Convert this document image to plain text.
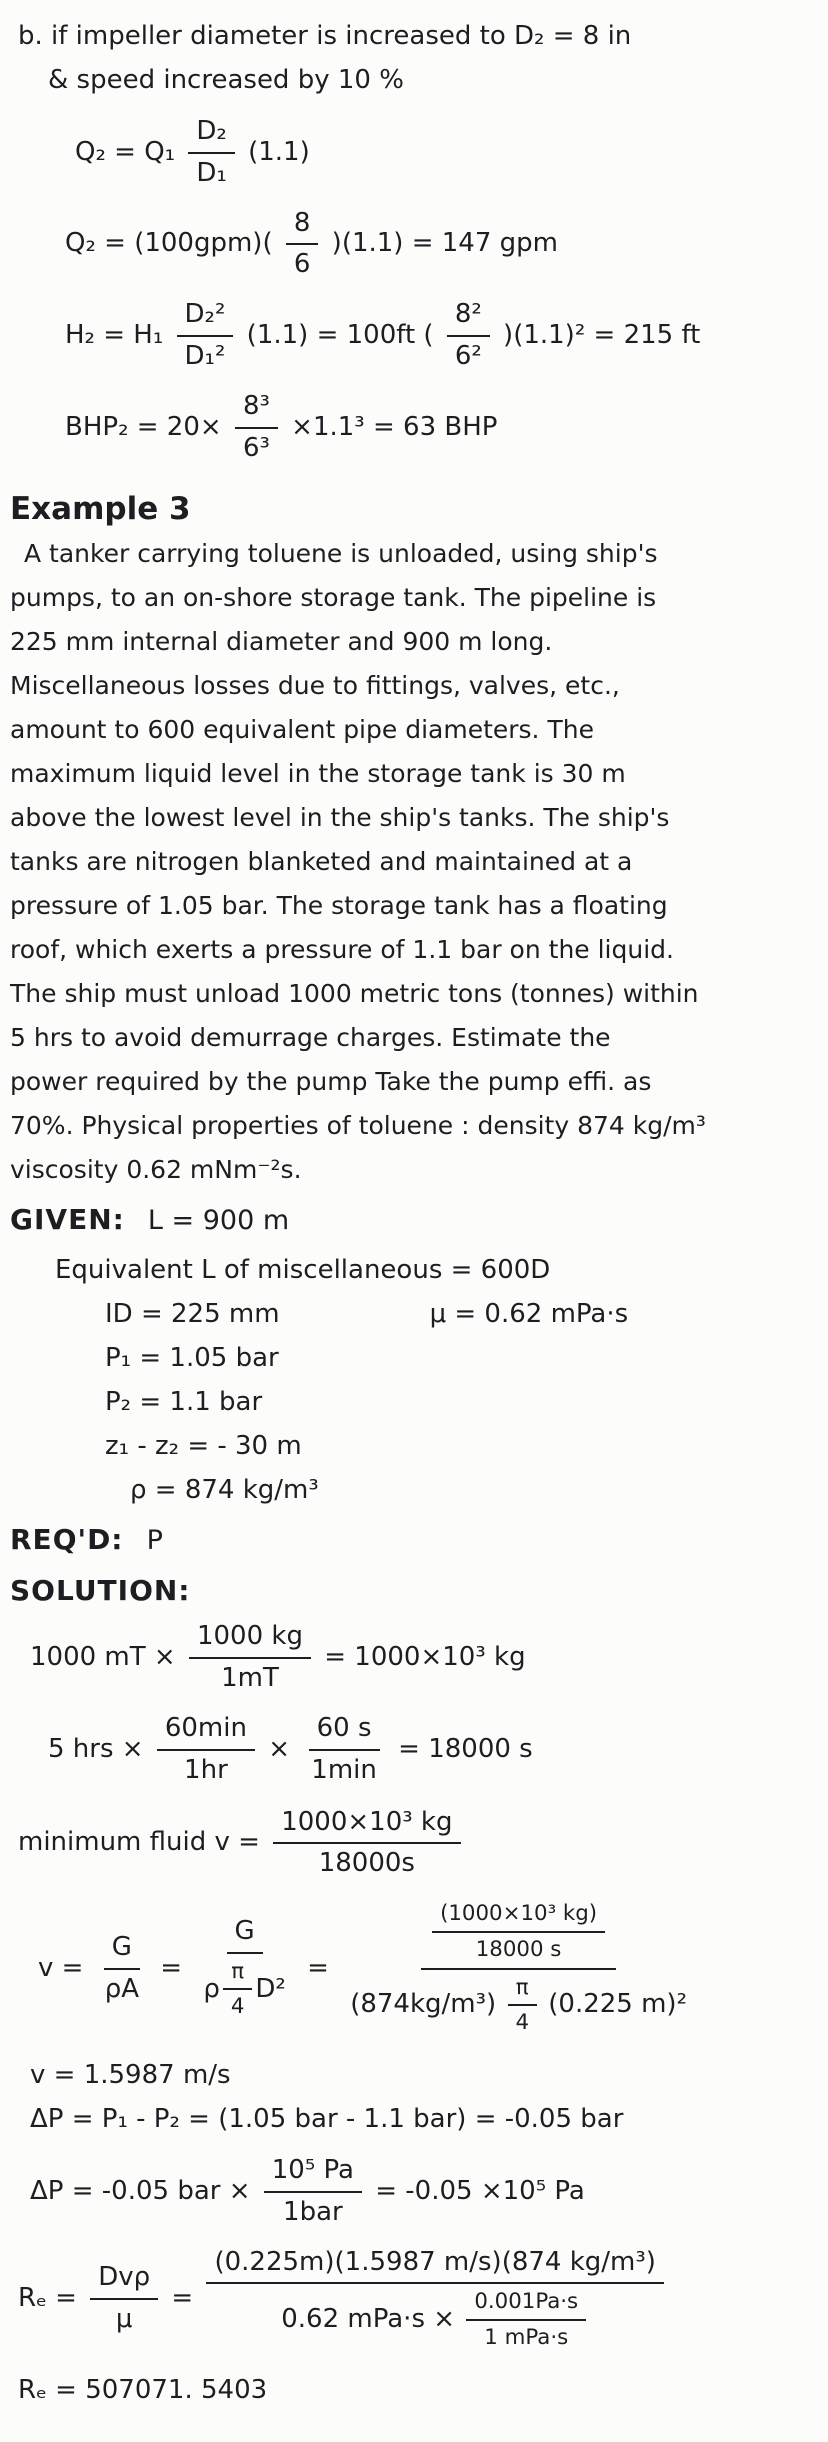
b. if impeller diameter is increased to D₂ = 8 in
& speed increased by 10 %
$Q_2 = Q_1 \frac{\text{D₂}}{\text{D₁}} (1.1)$
$Q_2 = (100gpm)( \frac{8}{6} )(1.1) = 147$ gpm
$H_2 = H_1 \frac{\text{D₂²}}{\text{D₁²}} (1.1) = 100ft$ ( $\frac{\text{8²}}{\text{6²}} )(1.1)^2 = 215$ ft
$BHP_2 = 20\times \frac{\text{8³}}{\text{6³}} \times 1.1^3 = 63$ BHP
Example 3
A tanker carrying toluene is unloaded, using ship's
pumps, to an on-shore storage tank. The pipeline is
225 mm internal diameter and 900 m long.
Miscellaneous losses due to fittings, valves, etc.,
amount to 600 equivalent pipe diameters. The
maximum liquid level in the storage tank is 30 m
above the lowest level in the ship's tanks. The ship's
tanks are nitrogen blanketed and maintained at a
pressure of 1.05 bar. The storage tank has a floating
roof, which exerts a pressure of 1.1 bar on the liquid.
The ship must unload 1000 metric tons (tonnes) within
5 hrs to avoid demurrage charges. Estimate the
power required by the pump Take the pump effi. as
70%. Physical properties of toluene : density 874 kg/m³
viscosity 0.62 mNm⁻²s.
GIVEN: L = 900 m
Equivalent L of miscellaneous = 600D
ID = 225 mm	μ = 0.62 mPa·s
P₁ = 1.05 bar
P₂ = 1.1 bar
z₁ - z₂ = - 30 m
ρ = 874 kg/m³
REQ'D: P
SOLUTION:
1000 mT × $\frac{1000 kg}{1mT} = 1000\times 10^3$ kg
5 hrs × $\frac{60\min}{1hr} \times \frac{60 s}{1\min} = 18000$ s
minimum fluid $v = \frac{\text{1000×10³ kg}}{18000s}$
$v = \frac{G}{\rho A} = \frac{G}{\rho \frac{\pi}{4} D^2} = \frac{\frac{\text{(1000×10³ kg)}}{18000 s}}{(874kg/m^3) \frac{\pi}{4} (0.225 m)^2}$
v = 1.5987 m/s
ΔP = P₁ - P₂ = (1.05 bar - 1.1 bar) = -0.05 bar
ΔP = -0.05 bar × $\frac{\text{10⁵ Pa}}{\text{1bar}} = -0.05 \times 10^5$ Pa
$R_e = \frac{\text{Dvρ}}{\mu} = \frac{\text{(0.225m)(1.5987 m/s)(874 kg/m³)}}{0.62 mPa\cdot s \times \frac{0.001Pa\cdot s}{\text{1 mPa·s}}}$
Rₑ = 507071. 5403
